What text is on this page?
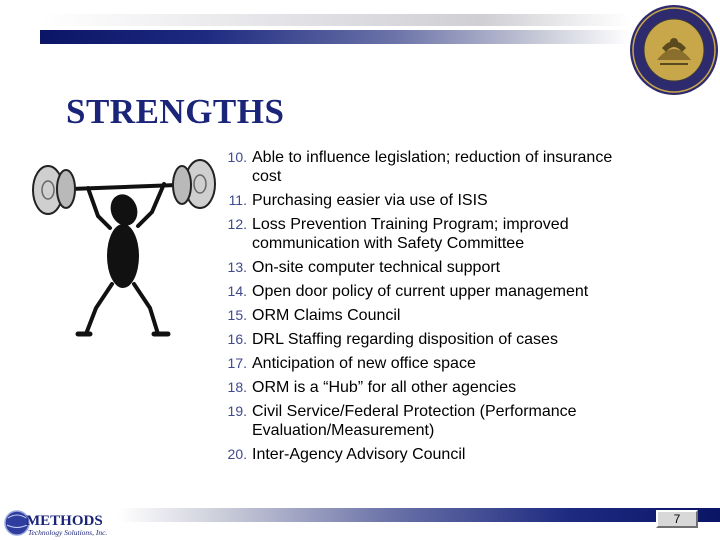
STRENGTHS
10. Able to influence legislation; reduction of insurance cost
11. Purchasing easier via use of ISIS
12. Loss Prevention Training Program; improved communication with Safety Committee
13. On-site computer technical support
14. Open door policy of current upper management
15. ORM Claims Council
16. DRL Staffing regarding disposition of cases
17. Anticipation of new office space
18. ORM is a “Hub” for all other agencies
19. Civil Service/Federal Protection (Performance Evaluation/Measurement)
20. Inter-Agency Advisory Council
METHODS
Technology Solutions, Inc.
7
